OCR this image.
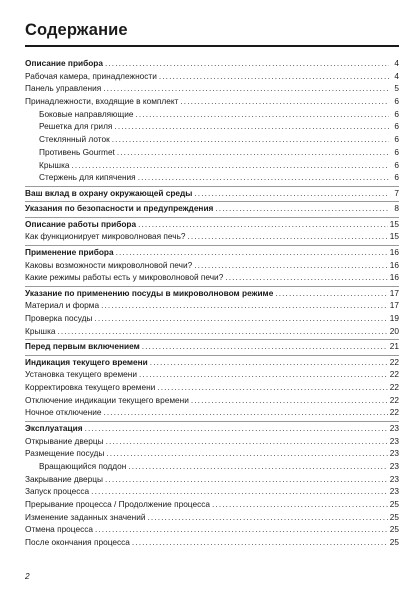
Содержание
Описание прибора . . .	4
Рабочая камера, принадлежности . . .	4
Панель управления . . .	5
Принадлежности, входящие в комплект . . .	6
Боковые направляющие . . .	6
Решетка для гриля . . .	6
Стеклянный лоток . . .	6
Противень Gourmet . . .	6
Крышка . . .	6
Стержень для кипячения . . .	6
Ваш вклад в охрану окружающей среды . . .	7
Указания по безопасности и предупреждения . . .	8
Описание работы прибора . . .	15
Как функционирует микроволновая печь? . . .	15
Применение прибора . . .	16
Каковы возможности микроволновой печи? . . .	16
Какие режимы работы есть у микроволновой печи? . . .	16
Указание по применению посуды в микроволновом режиме . . .	17
Материал и форма . . .	17
Проверка посуды . . .	19
Крышка . . .	20
Перед первым включением . . .	21
Индикация текущего времени . . .	22
Установка текущего времени . . .	22
Корректировка текущего времени . . .	22
Отключение индикации текущего времени . . .	22
Ночное отключение . . .	22
Эксплуатация . . .	23
Открывание дверцы . . .	23
Размещение посуды . . .	23
Вращающийся поддон . . .	23
Закрывание дверцы . . .	23
Запуск процесса . . .	23
Прерывание процесса / Продолжение процесса . . .	25
Изменение заданных значений . . .	25
Отмена процесса . . .	25
После окончания процесса . . .	25
2
